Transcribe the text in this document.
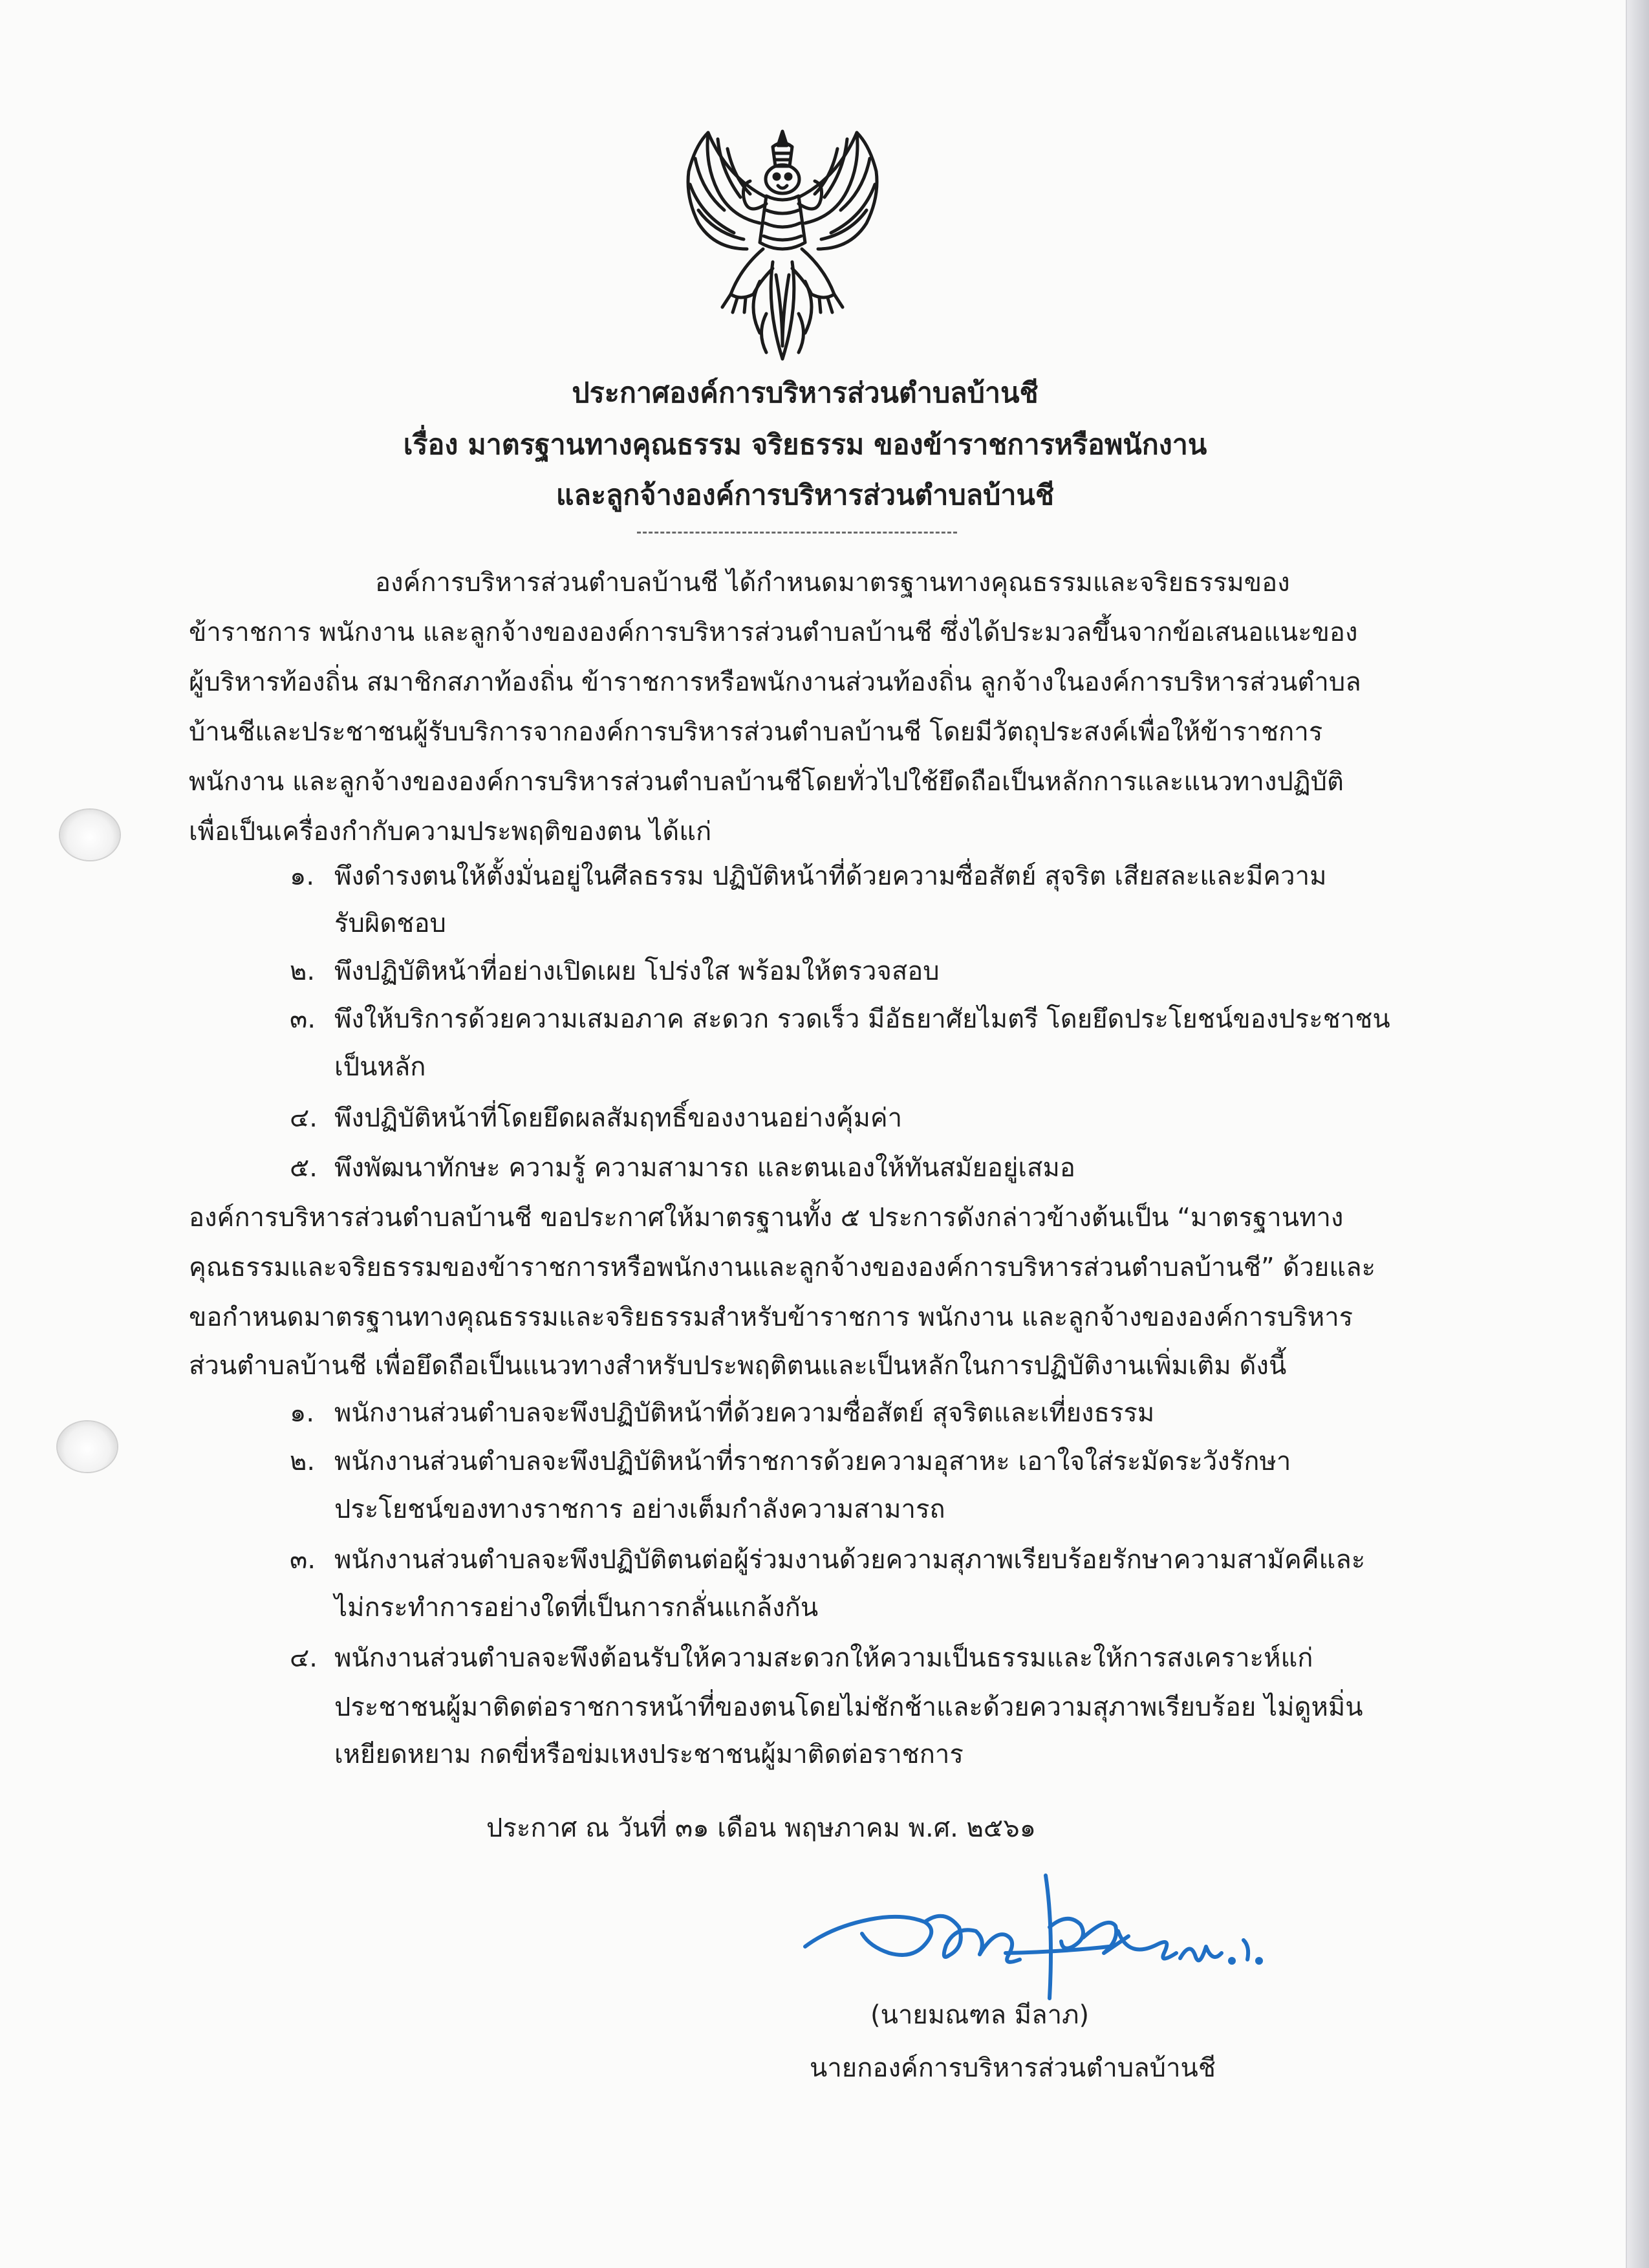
ประกาศองค์การบริหารส่วนตำบลบ้านชี
เรื่อง มาตรฐานทางคุณธรรม จริยธรรม ของข้าราชการหรือพนักงาน
และลูกจ้างองค์การบริหารส่วนตำบลบ้านชี
องค์การบริหารส่วนตำบลบ้านชี ได้กำหนดมาตรฐานทางคุณธรรมและจริยธรรมของ
ข้าราชการ พนักงาน และลูกจ้างขององค์การบริหารส่วนตำบลบ้านชี ซึ่งได้ประมวลขึ้นจากข้อเสนอแนะของ
ผู้บริหารท้องถิ่น สมาชิกสภาท้องถิ่น ข้าราชการหรือพนักงานส่วนท้องถิ่น ลูกจ้างในองค์การบริหารส่วนตำบล
บ้านชีและประชาชนผู้รับบริการจากองค์การบริหารส่วนตำบลบ้านชี โดยมีวัตถุประสงค์เพื่อให้ข้าราชการ
พนักงาน และลูกจ้างขององค์การบริหารส่วนตำบลบ้านชีโดยทั่วไปใช้ยึดถือเป็นหลักการและแนวทางปฏิบัติ
เพื่อเป็นเครื่องกำกับความประพฤติของตน ได้แก่
๑. พึงดำรงตนให้ตั้งมั่นอยู่ในศีลธรรม ปฏิบัติหน้าที่ด้วยความซื่อสัตย์ สุจริต เสียสละและมีความ
รับผิดชอบ
๒. พึงปฏิบัติหน้าที่อย่างเปิดเผย โปร่งใส พร้อมให้ตรวจสอบ
๓. พึงให้บริการด้วยความเสมอภาค สะดวก รวดเร็ว มีอัธยาศัยไมตรี โดยยึดประโยชน์ของประชาชน
เป็นหลัก
๔. พึงปฏิบัติหน้าที่โดยยึดผลสัมฤทธิ์ของงานอย่างคุ้มค่า
๕. พึงพัฒนาทักษะ ความรู้ ความสามารถ และตนเองให้ทันสมัยอยู่เสมอ
องค์การบริหารส่วนตำบลบ้านชี ขอประกาศให้มาตรฐานทั้ง ๕ ประการดังกล่าวข้างต้นเป็น “มาตรฐานทาง
คุณธรรมและจริยธรรมของข้าราชการหรือพนักงานและลูกจ้างขององค์การบริหารส่วนตำบลบ้านชี” ด้วยและ
ขอกำหนดมาตรฐานทางคุณธรรมและจริยธรรมสำหรับข้าราชการ พนักงาน และลูกจ้างขององค์การบริหาร
ส่วนตำบลบ้านชี เพื่อยึดถือเป็นแนวทางสำหรับประพฤติตนและเป็นหลักในการปฏิบัติงานเพิ่มเติม ดังนี้
๑. พนักงานส่วนตำบลจะพึงปฏิบัติหน้าที่ด้วยความซื่อสัตย์ สุจริตและเที่ยงธรรม
๒. พนักงานส่วนตำบลจะพึงปฏิบัติหน้าที่ราชการด้วยความอุสาหะ เอาใจใส่ระมัดระวังรักษา
ประโยชน์ของทางราชการ อย่างเต็มกำลังความสามารถ
๓. พนักงานส่วนตำบลจะพึงปฏิบัติตนต่อผู้ร่วมงานด้วยความสุภาพเรียบร้อยรักษาความสามัคคีและ
ไม่กระทำการอย่างใดที่เป็นการกลั่นแกล้งกัน
๔. พนักงานส่วนตำบลจะพึงต้อนรับให้ความสะดวกให้ความเป็นธรรมและให้การสงเคราะห์แก่
ประชาชนผู้มาติดต่อราชการหน้าที่ของตนโดยไม่ชักช้าและด้วยความสุภาพเรียบร้อย ไม่ดูหมิ่น
เหยียดหยาม กดขี่หรือข่มเหงประชาชนผู้มาติดต่อราชการ
ประกาศ ณ วันที่ ๓๑ เดือน พฤษภาคม พ.ศ. ๒๕๖๑
31 พค. 61
(นายมณฑล มีลาภ)
นายกองค์การบริหารส่วนตำบลบ้านชี
